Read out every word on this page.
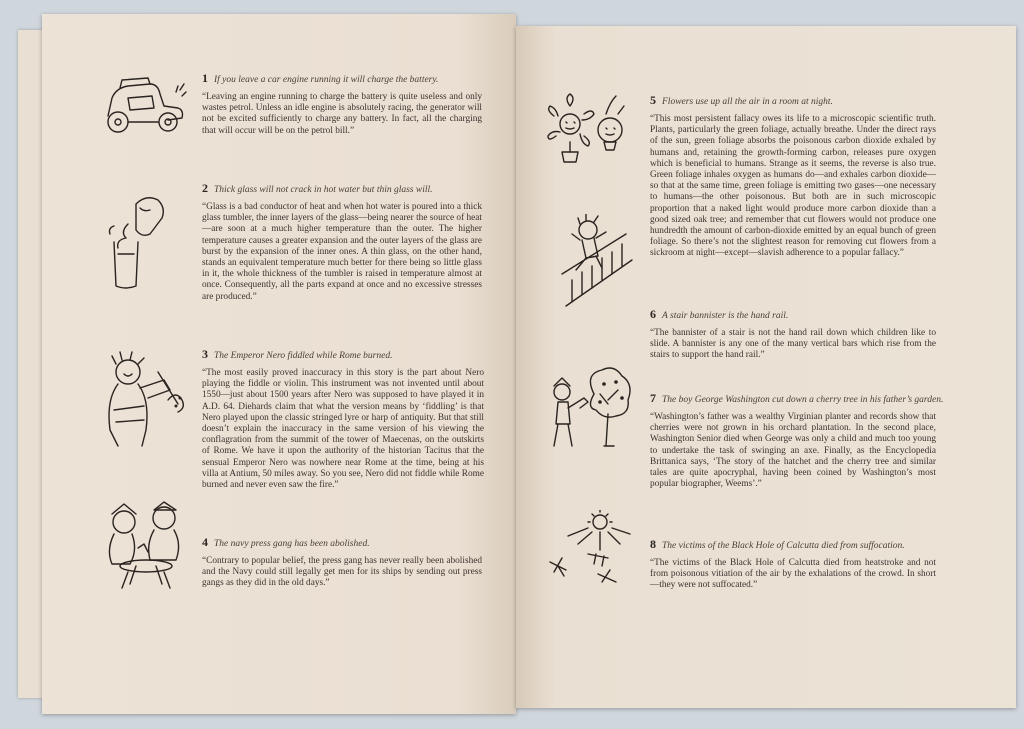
1 If you leave a car engine running it will charge the battery.

“Leaving an engine running to charge the battery is quite useless and only wastes petrol. Unless an idle engine is absolutely racing, the generator will not be excited sufficiently to charge any battery. In fact, all the charging that will occur will be on the petrol bill.”

2 Thick glass will not crack in hot water but thin glass will.

“Glass is a bad conductor of heat and when hot water is poured into a thick glass tumbler, the inner layers of the glass—being nearer the source of heat—are soon at a much higher temperature than the outer. The higher temperature causes a greater expansion and the outer layers of the glass are burst by the expansion of the inner ones. A thin glass, on the other hand, stands an equivalent temperature much better for there being so little glass in it, the whole thickness of the tumbler is raised in temperature almost at once. Consequently, all the parts expand at once and no excessive stresses are produced.”

3 The Emperor Nero fiddled while Rome burned.

“The most easily proved inaccuracy in this story is the part about Nero playing the fiddle or violin. This instrument was not invented until about 1550—just about 1500 years after Nero was supposed to have played it in A.D. 64. Diehards claim that what the version means by ‘fiddling’ is that Nero played upon the classic stringed lyre or harp of antiquity. But that still doesn’t explain the inaccuracy in the same version of his viewing the conflagration from the summit of the tower of Maecenas, on the outskirts of Rome. We have it upon the authority of the historian Tacitus that the sensual Emperor Nero was nowhere near Rome at the time, being at his villa at Antium, 50 miles away. So you see, Nero did not fiddle while Rome burned and never even saw the fire.”

4 The navy press gang has been abolished.

“Contrary to popular belief, the press gang has never really been abolished and the Navy could still legally get men for its ships by sending out press gangs as they did in the old days.”

5 Flowers use up all the air in a room at night.

“This most persistent fallacy owes its life to a microscopic scientific truth. Plants, particularly the green foliage, actually breathe. Under the direct rays of the sun, green foliage absorbs the poisonous carbon dioxide exhaled by humans and, retaining the growth-forming carbon, releases pure oxygen which is beneficial to humans. Strange as it seems, the reverse is also true. Green foliage inhales oxygen as humans do—and exhales carbon dioxide—so that at the same time, green foliage is emitting two gases—one necessary to humans—the other poisonous. But both are in such microscopic proportion that a naked light would produce more carbon dioxide than a good sized oak tree; and remember that cut flowers would not produce one hundredth the amount of carbon-dioxide emitted by an equal bunch of green foliage. So there’s not the slightest reason for removing cut flowers from a sickroom at night—except—slavish adherence to a popular fallacy.”

6 A stair bannister is the hand rail.

“The bannister of a stair is not the hand rail down which children like to slide. A bannister is any one of the many vertical bars which rise from the stairs to support the hand rail.”

7 The boy George Washington cut down a cherry tree in his father’s garden.

“Washington’s father was a wealthy Virginian planter and records show that cherries were not grown in his orchard plantation. In the second place, Washington Senior died when George was only a child and much too young to undertake the task of swinging an axe. Finally, as the Encyclopedia Brittanica says, ‘The story of the hatchet and the cherry tree and similar tales are quite apocryphal, having been coined by Washington’s most popular biographer, Weems’.”

8 The victims of the Black Hole of Calcutta died from suffocation.

“The victims of the Black Hole of Calcutta died from heatstroke and not from poisonous vitiation of the air by the exhalations of the crowd. In short—they were not suffocated.”
